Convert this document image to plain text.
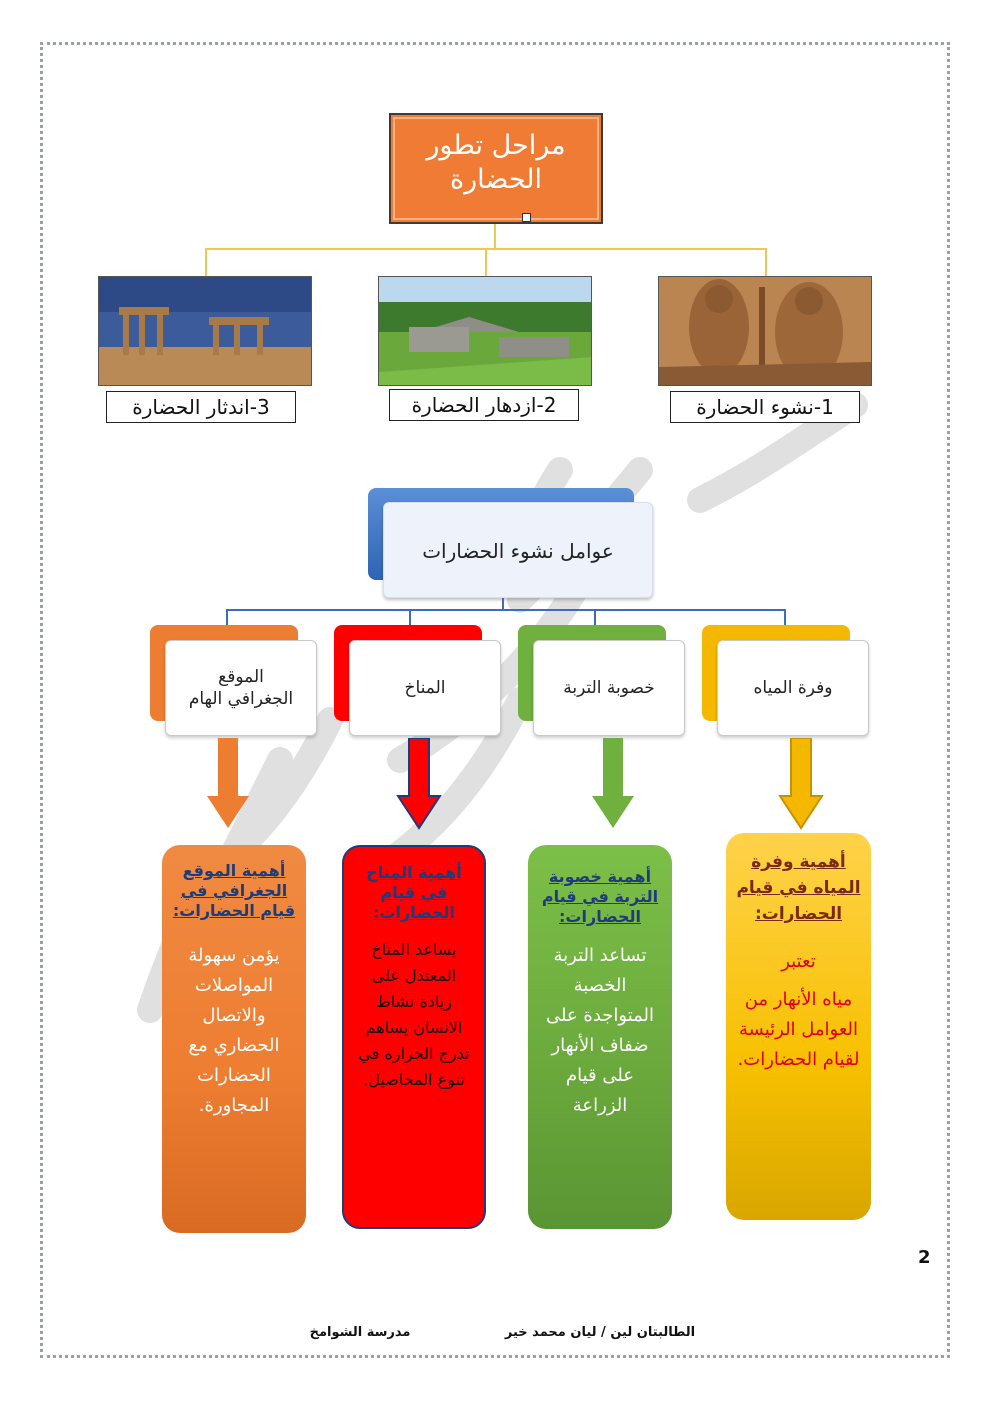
مراحل تطور الحضارة
1-نشوء الحضارة
2-ازدهار الحضارة
3-اندثار الحضارة
عوامل نشوء الحضارات
وفرة المياه
خصوبة التربة
المناخ
الموقع الجغرافي الهام
أهمية وفرة المياه في قيام الحضارات:
تعتبر
مياه الأنهار من العوامل الرئيسة لقيام الحضارات.
أهمية خصوبة التربة في قيام الحضارات:
تساعد التربة الخصبة المتواجدة على ضفاف الأنهار على قيام الزراعة
أهمية المناخ في قيام الحضارات:
يساعد المناخ المعتدل على زيادة نشاط الانسان يساهم تدرج الحرارة في تنوع المحاصيل.
أهمية الموقع الجغرافي في قيام الحضارات:
يؤمن سهولة المواصلات والاتصال الحضاري مع الحضارات المجاورة.
2
الطالبتان لين / ليان محمد خير
مدرسة الشوامخ
